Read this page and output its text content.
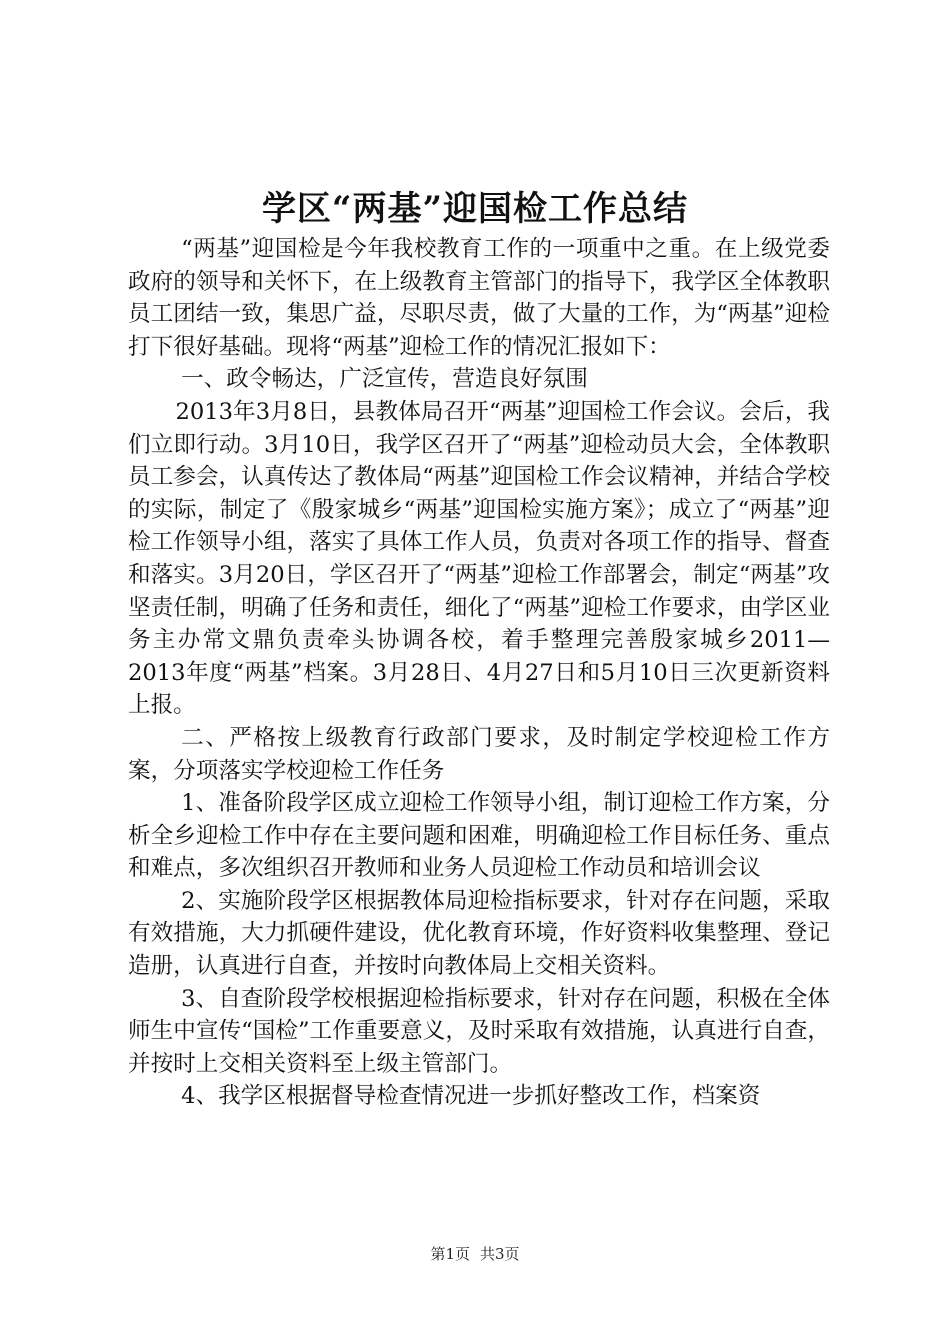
学区“两基”迎国检工作总结

“两基”迎国检是今年我校教育工作的一项重中之重。在上级党委政府的领导和关怀下，在上级教育主管部门的指导下，我学区全体教职员工团结一致，集思广益，尽职尽责，做了大量的工作，为“两基”迎检打下很好基础。现将“两基”迎检工作的情况汇报如下：

一、政令畅达，广泛宣传，营造良好氛围

2013年3月8日，县教体局召开“两基”迎国检工作会议。会后，我们立即行动。3月10日，我学区召开了“两基”迎检动员大会，全体教职员工参会，认真传达了教体局“两基”迎国检工作会议精神，并结合学校的实际，制定了《殷家城乡“两基”迎国检实施方案》；成立了“两基”迎检工作领导小组，落实了具体工作人员，负责对各项工作的指导、督查和落实。3月20日，学区召开了“两基”迎检工作部署会，制定“两基”攻坚责任制，明确了任务和责任，细化了“两基”迎检工作要求，由学区业务主办常文鼎负责牵头协调各校，着手整理完善殷家城乡2011—2013年度“两基”档案。3月28日、4月27日和5月10日三次更新资料上报。

二、严格按上级教育行政部门要求，及时制定学校迎检工作方案，分项落实学校迎检工作任务

1、准备阶段学区成立迎检工作领导小组，制订迎检工作方案，分析全乡迎检工作中存在主要问题和困难，明确迎检工作目标任务、重点和难点，多次组织召开教师和业务人员迎检工作动员和培训会议

2、实施阶段学区根据教体局迎检指标要求，针对存在问题，采取有效措施，大力抓硬件建设，优化教育环境，作好资料收集整理、登记造册，认真进行自查，并按时向教体局上交相关资料。

3、自查阶段学校根据迎检指标要求，针对存在问题，积极在全体师生中宣传“国检”工作重要意义，及时采取有效措施，认真进行自查，并按时上交相关资料至上级主管部门。

4、我学区根据督导检查情况进一步抓好整改工作，档案资

第1页 共3页
